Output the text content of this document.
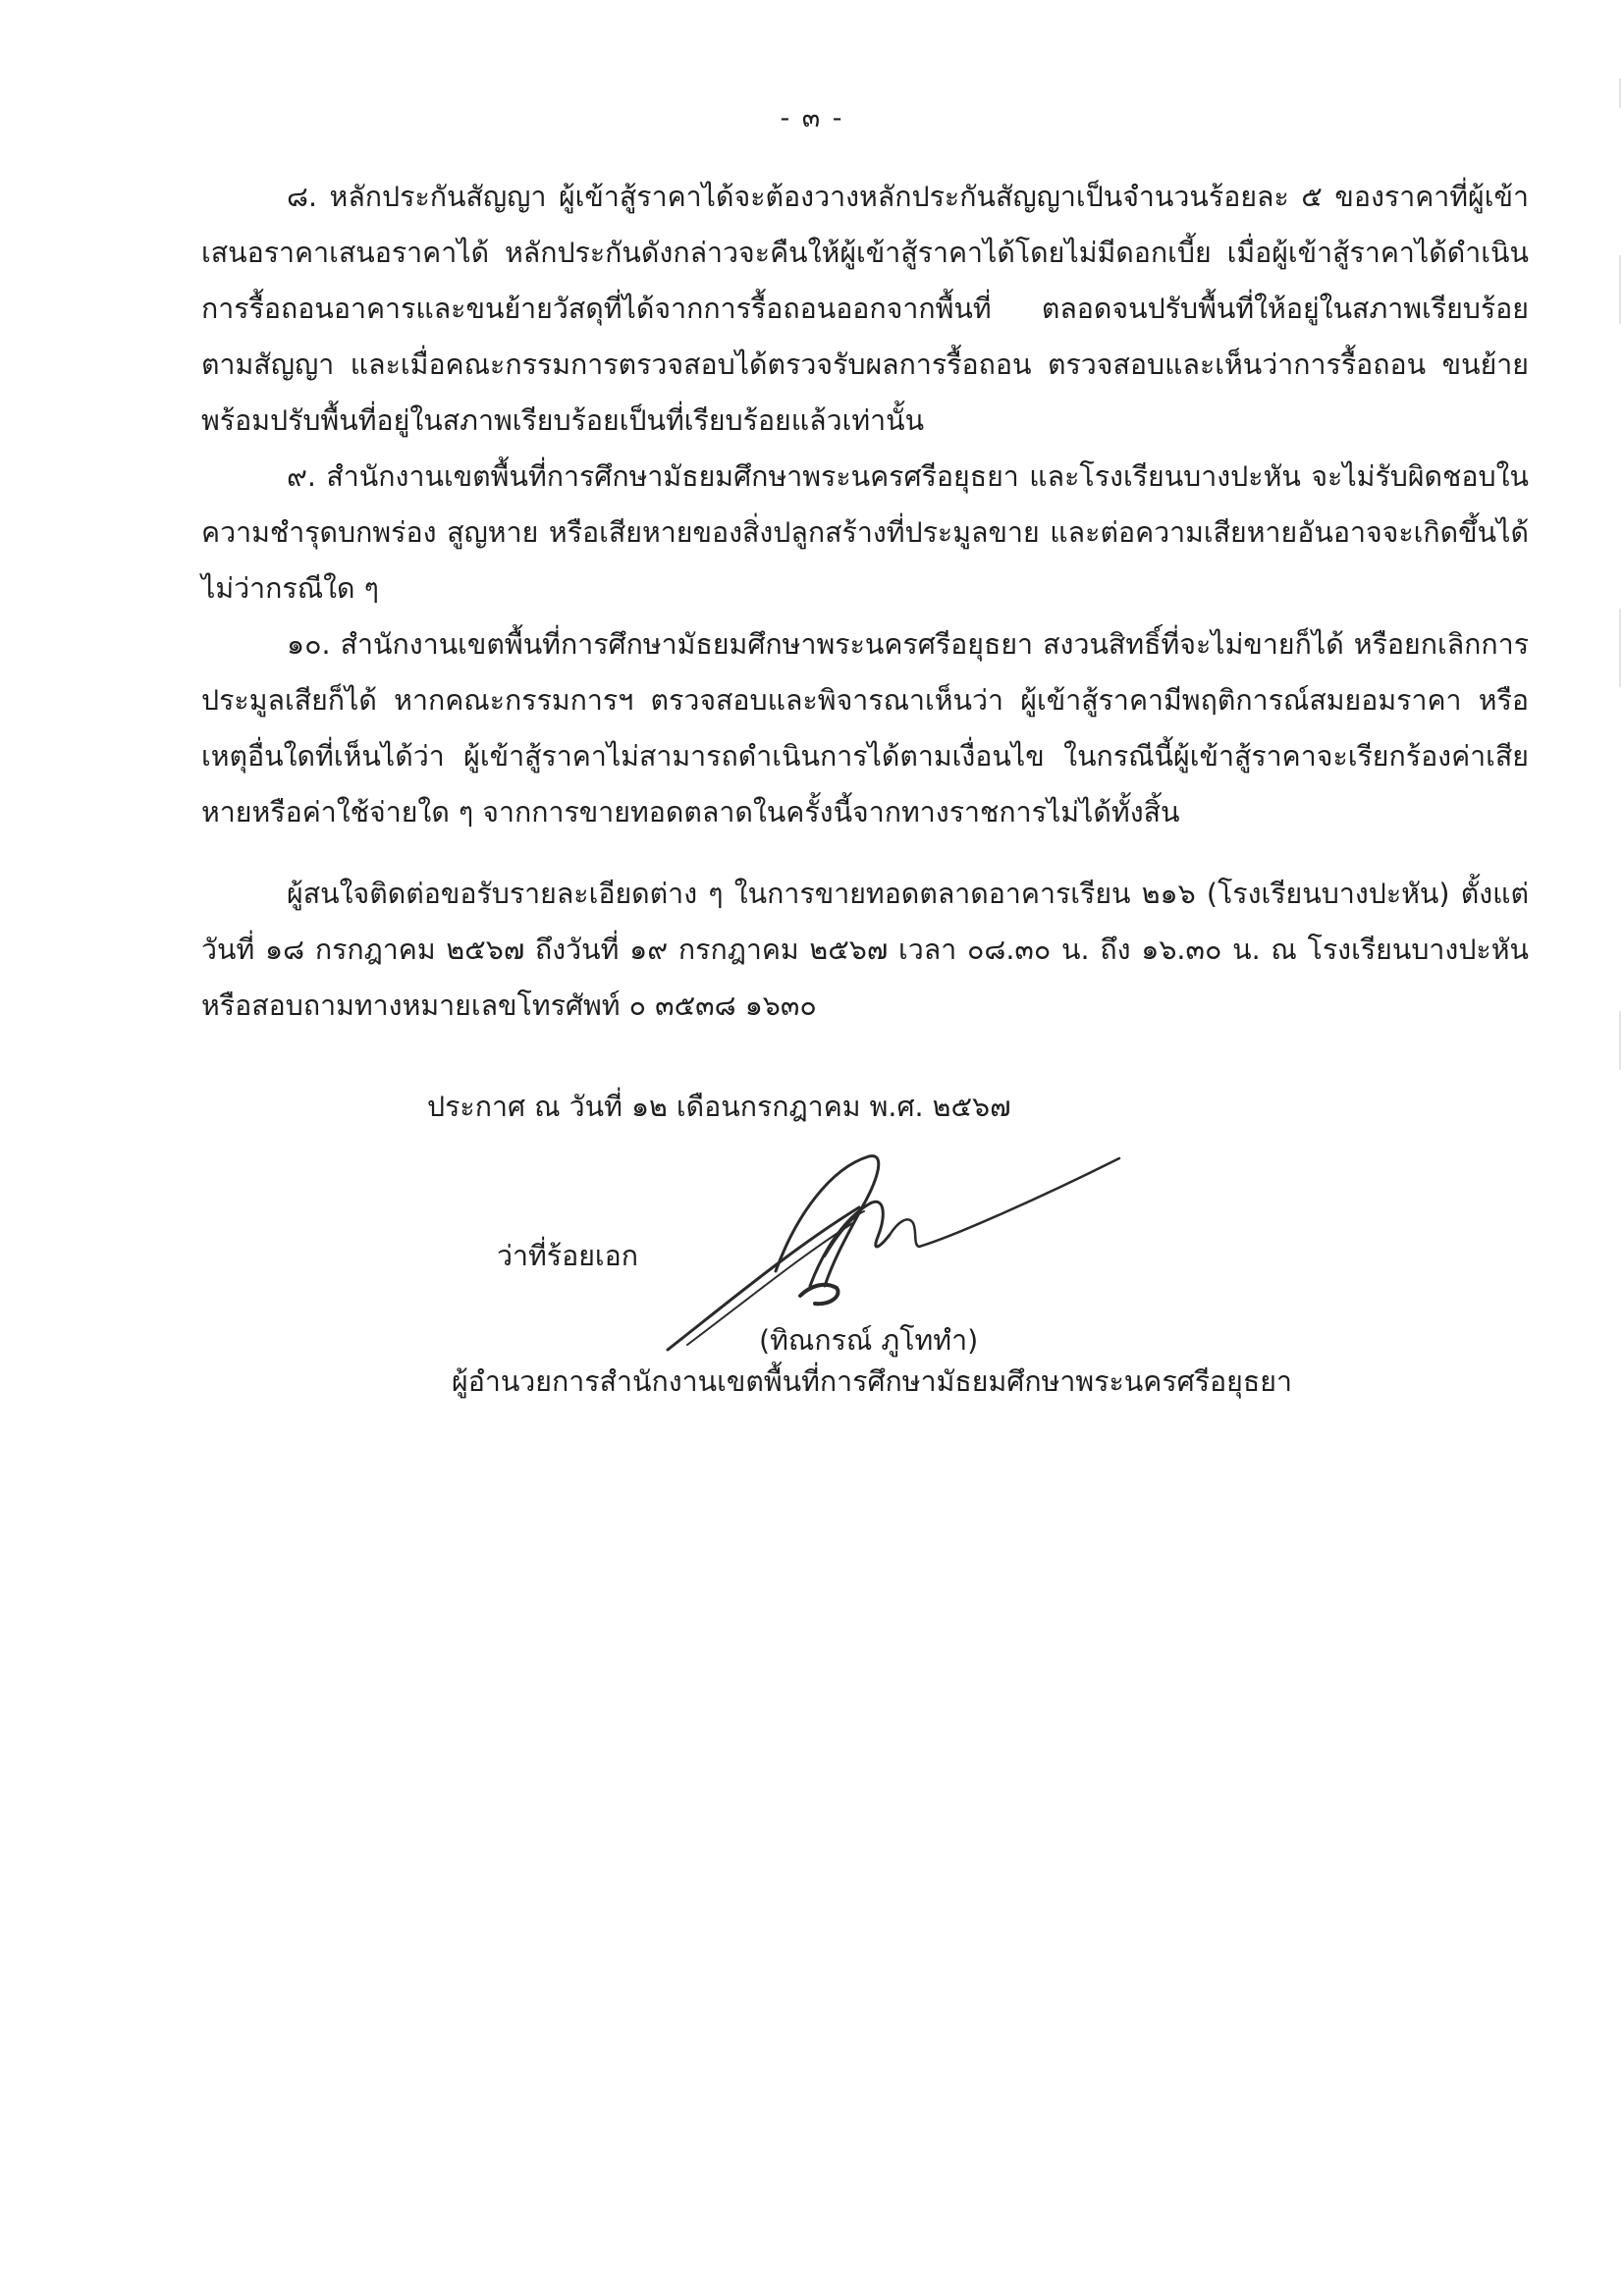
- ๓ -

๘. หลักประกันสัญญา ผู้เข้าสู้ราคาได้จะต้องวางหลักประกันสัญญาเป็นจำนวนร้อยละ ๕ ของราคาที่ผู้เข้าเสนอราคาเสนอราคาได้ หลักประกันดังกล่าวจะคืนให้ผู้เข้าสู้ราคาได้โดยไม่มีดอกเบี้ย เมื่อผู้เข้าสู้ราคาได้ดำเนินการรื้อถอนอาคารและขนย้ายวัสดุที่ได้จากการรื้อถอนออกจากพื้นที่ ตลอดจนปรับพื้นที่ให้อยู่ในสภาพเรียบร้อยตามสัญญา และเมื่อคณะกรรมการตรวจสอบได้ตรวจรับผลการรื้อถอน ตรวจสอบและเห็นว่าการรื้อถอน ขนย้าย พร้อมปรับพื้นที่อยู่ในสภาพเรียบร้อยเป็นที่เรียบร้อยแล้วเท่านั้น

๙. สำนักงานเขตพื้นที่การศึกษามัธยมศึกษาพระนครศรีอยุธยา และโรงเรียนบางปะหัน จะไม่รับผิดชอบในความชำรุดบกพร่อง สูญหาย หรือเสียหายของสิ่งปลูกสร้างที่ประมูลขาย และต่อความเสียหายอันอาจจะเกิดขึ้นได้ไม่ว่ากรณีใด ๆ

๑๐. สำนักงานเขตพื้นที่การศึกษามัธยมศึกษาพระนครศรีอยุธยา สงวนสิทธิ์ที่จะไม่ขายก็ได้ หรือยกเลิกการประมูลเสียก็ได้ หากคณะกรรมการฯ ตรวจสอบและพิจารณาเห็นว่า ผู้เข้าสู้ราคามีพฤติการณ์สมยอมราคา หรือเหตุอื่นใดที่เห็นได้ว่า ผู้เข้าสู้ราคาไม่สามารถดำเนินการได้ตามเงื่อนไข ในกรณีนี้ผู้เข้าสู้ราคาจะเรียกร้องค่าเสียหายหรือค่าใช้จ่ายใด ๆ จากการขายทอดตลาดในครั้งนี้จากทางราชการไม่ได้ทั้งสิ้น

ผู้สนใจติดต่อขอรับรายละเอียดต่าง ๆ ในการขายทอดตลาดอาคารเรียน ๒๑๖ (โรงเรียนบางปะหัน) ตั้งแต่วันที่ ๑๘ กรกฎาคม ๒๕๖๗ ถึงวันที่ ๑๙ กรกฎาคม ๒๕๖๗ เวลา ๐๘.๓๐ น. ถึง ๑๖.๓๐ น. ณ โรงเรียนบางปะหัน หรือสอบถามทางหมายเลขโทรศัพท์ ๐ ๓๕๓๘ ๑๖๓๐

ประกาศ ณ วันที่ ๑๒ เดือนกรกฎาคม พ.ศ. ๒๕๖๗
ว่าที่ร้อยเอก
(ทิณกรณ์ ภูโททำ)
ผู้อำนวยการสำนักงานเขตพื้นที่การศึกษามัธยมศึกษาพระนครศรีอยุธยา
